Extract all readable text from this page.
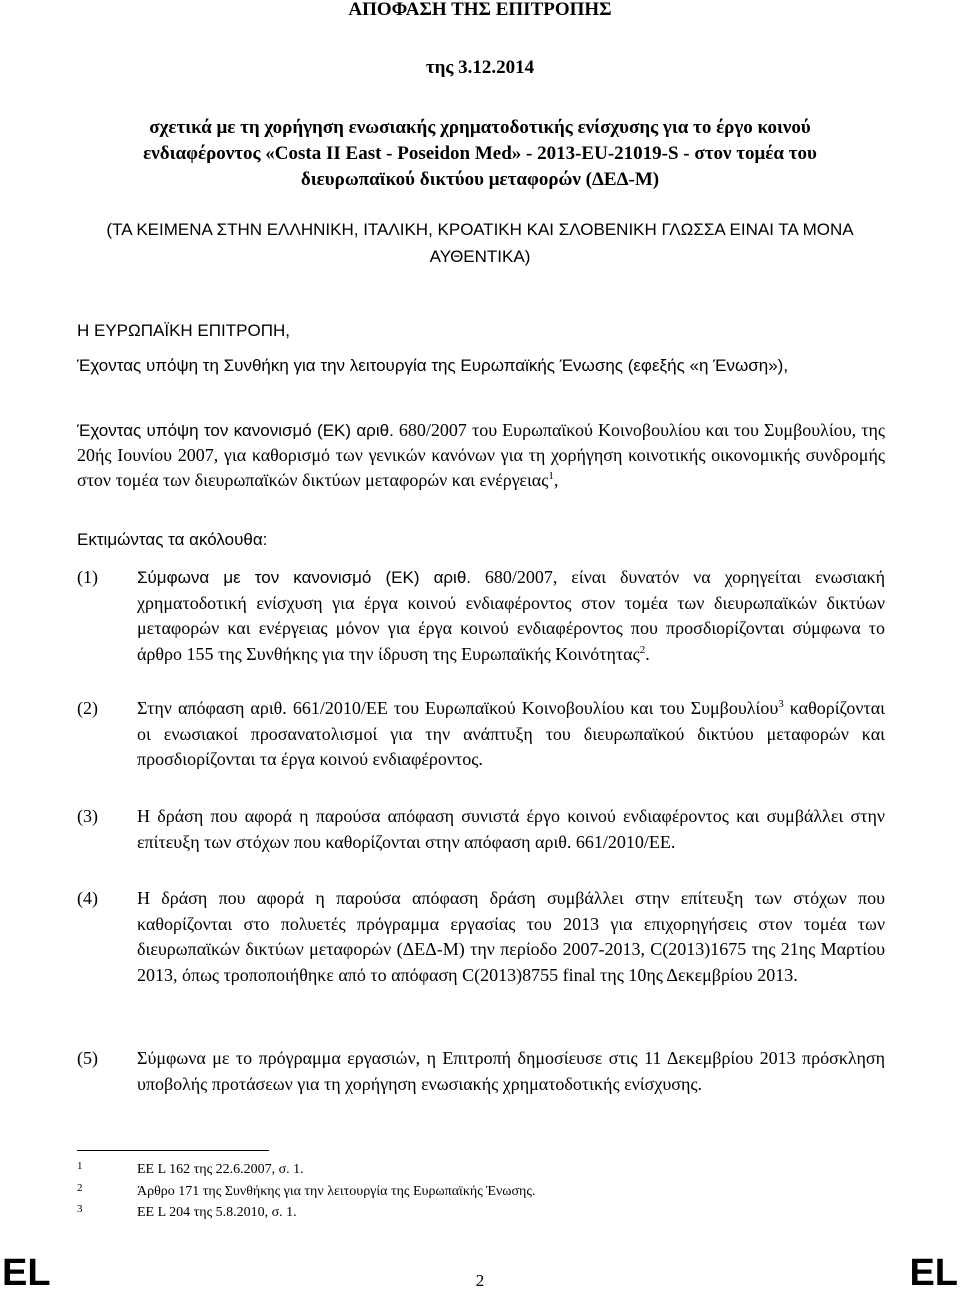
ΑΠΟΦΑΣΗ ΤΗΣ ΕΠΙΤΡΟΠΗΣ
της 3.12.2014
σχετικά με τη χορήγηση ενωσιακής χρηματοδοτικής ενίσχυσης για το έργο κοινού ενδιαφέροντος «Costa II East - Poseidon Med» - 2013-EU-21019-S - στον τομέα του διευρωπαϊκού δικτύου μεταφορών (ΔΕΔ-Μ)
(ΤΑ ΚΕΙΜΕΝΑ ΣΤΗΝ ΕΛΛΗΝΙΚΗ, ΙΤΑΛΙΚΗ, ΚΡΟΑΤΙΚΗ ΚΑΙ ΣΛΟΒΕΝΙΚΗ ΓΛΩΣΣΑ ΕΙΝΑΙ ΤΑ ΜΟΝΑ ΑΥΘΕΝΤΙΚΑ)
Η ΕΥΡΩΠΑΪΚΗ ΕΠΙΤΡΟΠΗ,
Έχοντας υπόψη τη Συνθήκη για την λειτουργία της Ευρωπαϊκής Ένωσης (εφεξής «η Ένωση»),
Έχοντας υπόψη τον κανονισμό (ΕΚ) αριθ. 680/2007 του Ευρωπαϊκού Κοινοβουλίου και του Συμβουλίου, της 20ής Ιουνίου 2007, για καθορισμό των γενικών κανόνων για τη χορήγηση κοινοτικής οικονομικής συνδρομής στον τομέα των διευρωπαϊκών δικτύων μεταφορών και ενέργειας$^1$,
Εκτιμώντας τα ακόλουθα:
(1)	Σύμφωνα με τον κανονισμό (ΕΚ) αριθ. 680/2007, είναι δυνατόν να χορηγείται ενωσιακή χρηματοδοτική ενίσχυση για έργα κοινού ενδιαφέροντος στον τομέα των διευρωπαϊκών δικτύων μεταφορών και ενέργειας μόνον για έργα κοινού ενδιαφέροντος που προσδιορίζονται σύμφωνα το άρθρο 155 της Συνθήκης για την ίδρυση της Ευρωπαϊκής Κοινότητας$^2$.
(2)	Στην απόφαση αριθ. 661/2010/ΕΕ του Ευρωπαϊκού Κοινοβουλίου και του Συμβουλίου$^3$ καθορίζονται οι ενωσιακοί προσανατολισμοί για την ανάπτυξη του διευρωπαϊκού δικτύου μεταφορών και προσδιορίζονται τα έργα κοινού ενδιαφέροντος.
(3)	Η δράση που αφορά η παρούσα απόφαση συνιστά έργο κοινού ενδιαφέροντος και συμβάλλει στην επίτευξη των στόχων που καθορίζονται στην απόφαση αριθ. 661/2010/ΕΕ.
(4)	Η δράση που αφορά η παρούσα απόφαση δράση συμβάλλει στην επίτευξη των στόχων που καθορίζονται στο πολυετές πρόγραμμα εργασίας του 2013 για επιχορηγήσεις στον τομέα των διευρωπαϊκών δικτύων μεταφορών (ΔΕΔ-Μ) την περίοδο 2007-2013, C(2013)1675 της 21ης Μαρτίου 2013, όπως τροποποιήθηκε από το απόφαση C(2013)8755 final της 10ης Δεκεμβρίου 2013.
(5)	Σύμφωνα με το πρόγραμμα εργασιών, η Επιτροπή δημοσίευσε στις 11 Δεκεμβρίου 2013 πρόσκληση υποβολής προτάσεων για τη χορήγηση ενωσιακής χρηματοδοτικής ενίσχυσης.
1	ΕΕ L 162 της 22.6.2007, σ. 1.
2	Άρθρο 171 της Συνθήκης για την λειτουργία της Ευρωπαϊκής Ένωσης.
3	ΕΕ L 204 της 5.8.2010, σ. 1.
EL	2	EL
